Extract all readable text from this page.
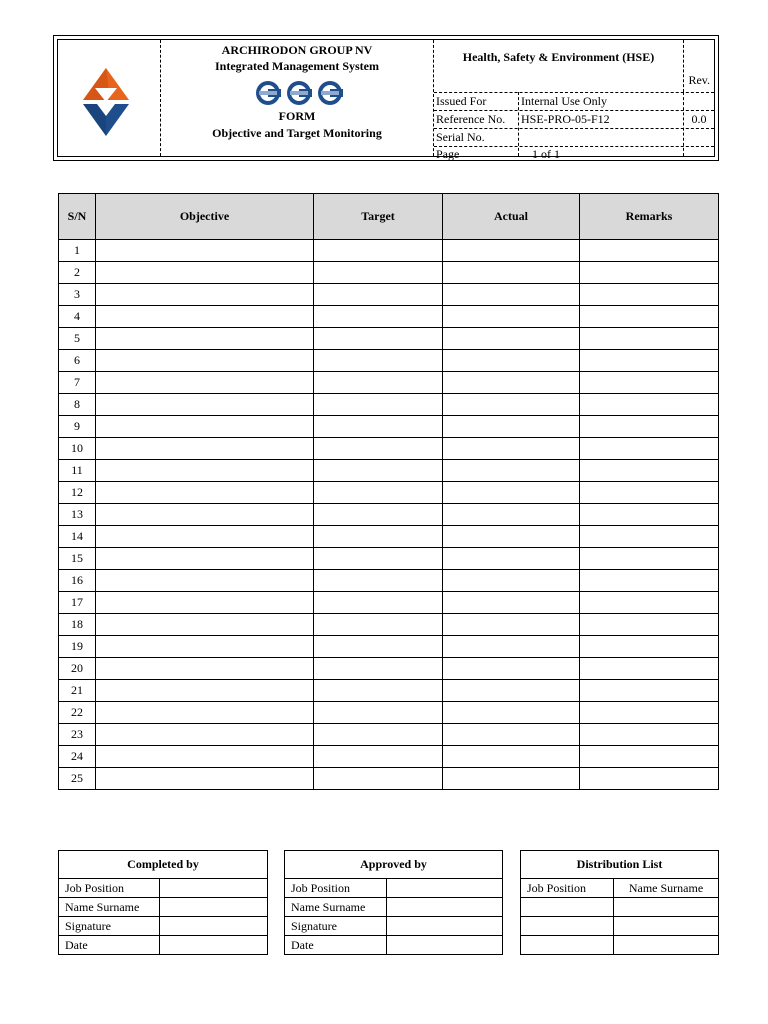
ARCHIRODON GROUP NV
Integrated Management System
FORM
Objective and Target Monitoring
Health, Safety & Environment (HSE)
Rev.
Issued For	Internal Use Only
Reference No. HSE-PRO-05-F12	0.0
Serial No.
Page	1 of 1
S/N	Objective	Target	Actual	Remarks
1				
2				
3				
4				
5				
6				
7				
8				
9				
10				
11				
12				
13				
14				
15				
16				
17				
18				
19				
20				
21				
22				
23				
24				
25				
Completed by	
Job Position	
Name Surname	
Signature	
Date	
Approved by	
Job Position	
Name Surname	
Signature	
Date	
Distribution List	
Job Position	Name Surname
